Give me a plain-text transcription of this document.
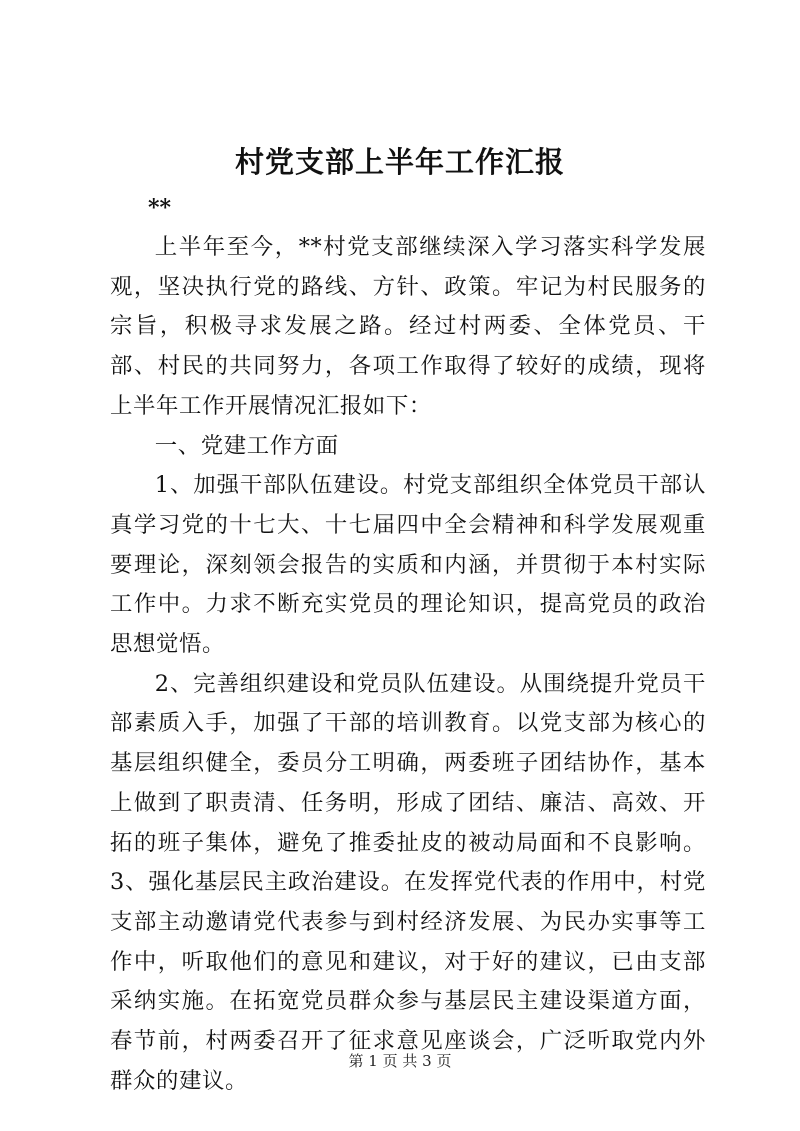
村党支部上半年工作汇报
**

上半年至今，**村党支部继续深入学习落实科学发展观，坚决执行党的路线、方针、政策。牢记为村民服务的宗旨，积极寻求发展之路。经过村两委、全体党员、干部、村民的共同努力，各项工作取得了较好的成绩，现将上半年工作开展情况汇报如下：

一、党建工作方面

1、加强干部队伍建设。村党支部组织全体党员干部认真学习党的十七大、十七届四中全会精神和科学发展观重要理论，深刻领会报告的实质和内涵，并贯彻于本村实际工作中。力求不断充实党员的理论知识，提高党员的政治思想觉悟。

2、完善组织建设和党员队伍建设。从围绕提升党员干部素质入手，加强了干部的培训教育。以党支部为核心的基层组织健全，委员分工明确，两委班子团结协作，基本上做到了职责清、任务明，形成了团结、廉洁、高效、开拓的班子集体，避免了推委扯皮的被动局面和不良影响。3、强化基层民主政治建设。在发挥党代表的作用中，村党支部主动邀请党代表参与到村经济发展、为民办实事等工作中，听取他们的意见和建议，对于好的建议，已由支部采纳实施。在拓宽党员群众参与基层民主建设渠道方面，春节前，村两委召开了征求意见座谈会，广泛听取党内外群众的建议。

第 1 页 共 3 页
